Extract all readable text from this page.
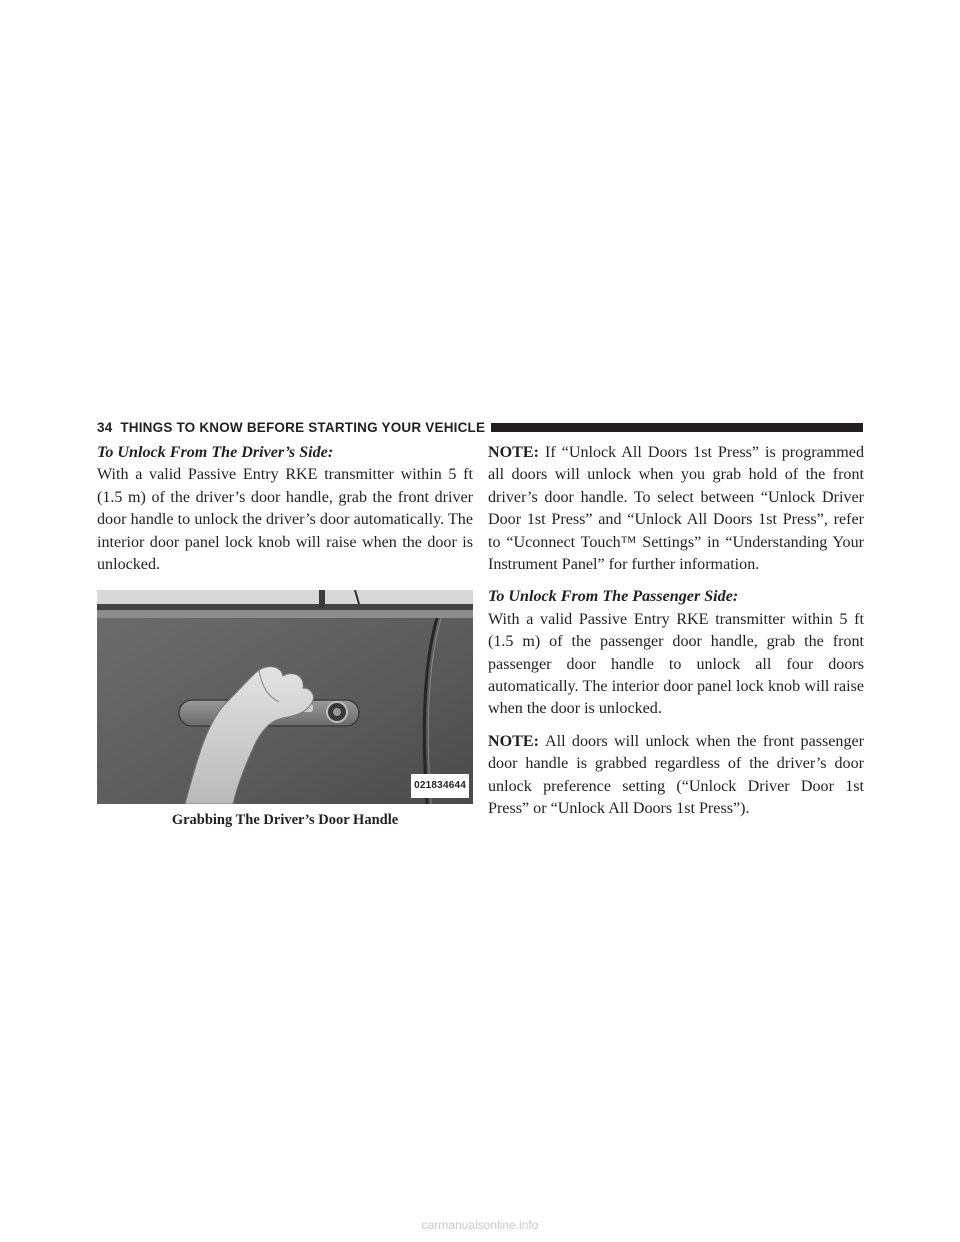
34 THINGS TO KNOW BEFORE STARTING YOUR VEHICLE

To Unlock From The Driver’s Side:

With a valid Passive Entry RKE transmitter within 5 ft (1.5 m) of the driver’s door handle, grab the front driver door handle to unlock the driver’s door automatically. The interior door panel lock knob will raise when the door is unlocked.

021834644
Grabbing The Driver’s Door Handle

NOTE: If “Unlock All Doors 1st Press” is programmed all doors will unlock when you grab hold of the front driver’s door handle. To select between “Unlock Driver Door 1st Press” and “Unlock All Doors 1st Press”, refer to “Uconnect Touch™ Settings” in “Understanding Your Instrument Panel” for further information.

To Unlock From The Passenger Side:

With a valid Passive Entry RKE transmitter within 5 ft (1.5 m) of the passenger door handle, grab the front passenger door handle to unlock all four doors automatically. The interior door panel lock knob will raise when the door is unlocked.

NOTE: All doors will unlock when the front passenger door handle is grabbed regardless of the driver’s door unlock preference setting (“Unlock Driver Door 1st Press” or “Unlock All Doors 1st Press”).

carmanualsonline.info
